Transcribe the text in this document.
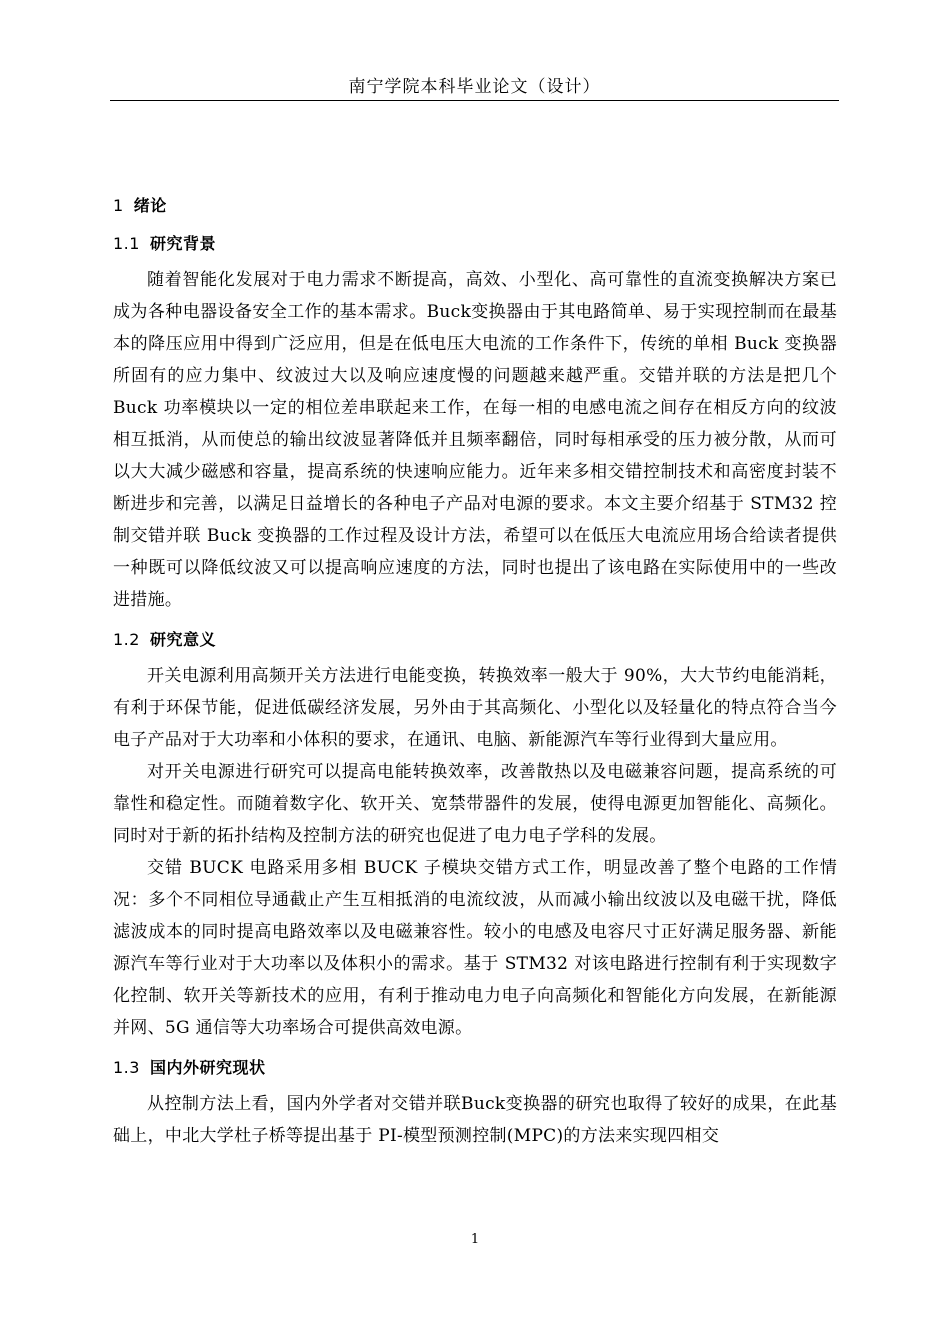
南宁学院本科毕业论文（设计）
1 绪论
1.1 研究背景

随着智能化发展对于电力需求不断提高，高效、小型化、高可靠性的直流变换解决方案已成为各种电器设备安全工作的基本需求。Buck变换器由于其电路简单、易于实现控制而在最基本的降压应用中得到广泛应用，但是在低电压大电流的工作条件下，传统的单相 Buck 变换器所固有的应力集中、纹波过大以及响应速度慢的问题越来越严重。交错并联的方法是把几个 Buck 功率模块以一定的相位差串联起来工作，在每一相的电感电流之间存在相反方向的纹波相互抵消，从而使总的输出纹波显著降低并且频率翻倍，同时每相承受的压力被分散，从而可以大大减少磁感和容量，提高系统的快速响应能力。近年来多相交错控制技术和高密度封装不断进步和完善，以满足日益增长的各种电子产品对电源的要求。本文主要介绍基于 STM32 控制交错并联 Buck 变换器的工作过程及设计方法，希望可以在低压大电流应用场合给读者提供一种既可以降低纹波又可以提高响应速度的方法，同时也提出了该电路在实际使用中的一些改进措施。

1.2 研究意义

开关电源利用高频开关方法进行电能变换，转换效率一般大于 90%，大大节约电能消耗，有利于环保节能，促进低碳经济发展，另外由于其高频化、小型化以及轻量化的特点符合当今电子产品对于大功率和小体积的要求，在通讯、电脑、新能源汽车等行业得到大量应用。

对开关电源进行研究可以提高电能转换效率，改善散热以及电磁兼容问题，提高系统的可靠性和稳定性。而随着数字化、软开关、宽禁带器件的发展，使得电源更加智能化、高频化。同时对于新的拓扑结构及控制方法的研究也促进了电力电子学科的发展。

交错 BUCK 电路采用多相 BUCK 子模块交错方式工作，明显改善了整个电路的工作情况：多个不同相位导通截止产生互相抵消的电流纹波，从而减小输出纹波以及电磁干扰，降低滤波成本的同时提高电路效率以及电磁兼容性。较小的电感及电容尺寸正好满足服务器、新能源汽车等行业对于大功率以及体积小的需求。基于 STM32 对该电路进行控制有利于实现数字化控制、软开关等新技术的应用，有利于推动电力电子向高频化和智能化方向发展，在新能源并网、5G 通信等大功率场合可提供高效电源。

1.3 国内外研究现状

从控制方法上看，国内外学者对交错并联Buck变换器的研究也取得了较好的成果，在此基础上，中北大学杜子桥等提出基于 PI-模型预测控制(MPC)的方法来实现四相交

1
